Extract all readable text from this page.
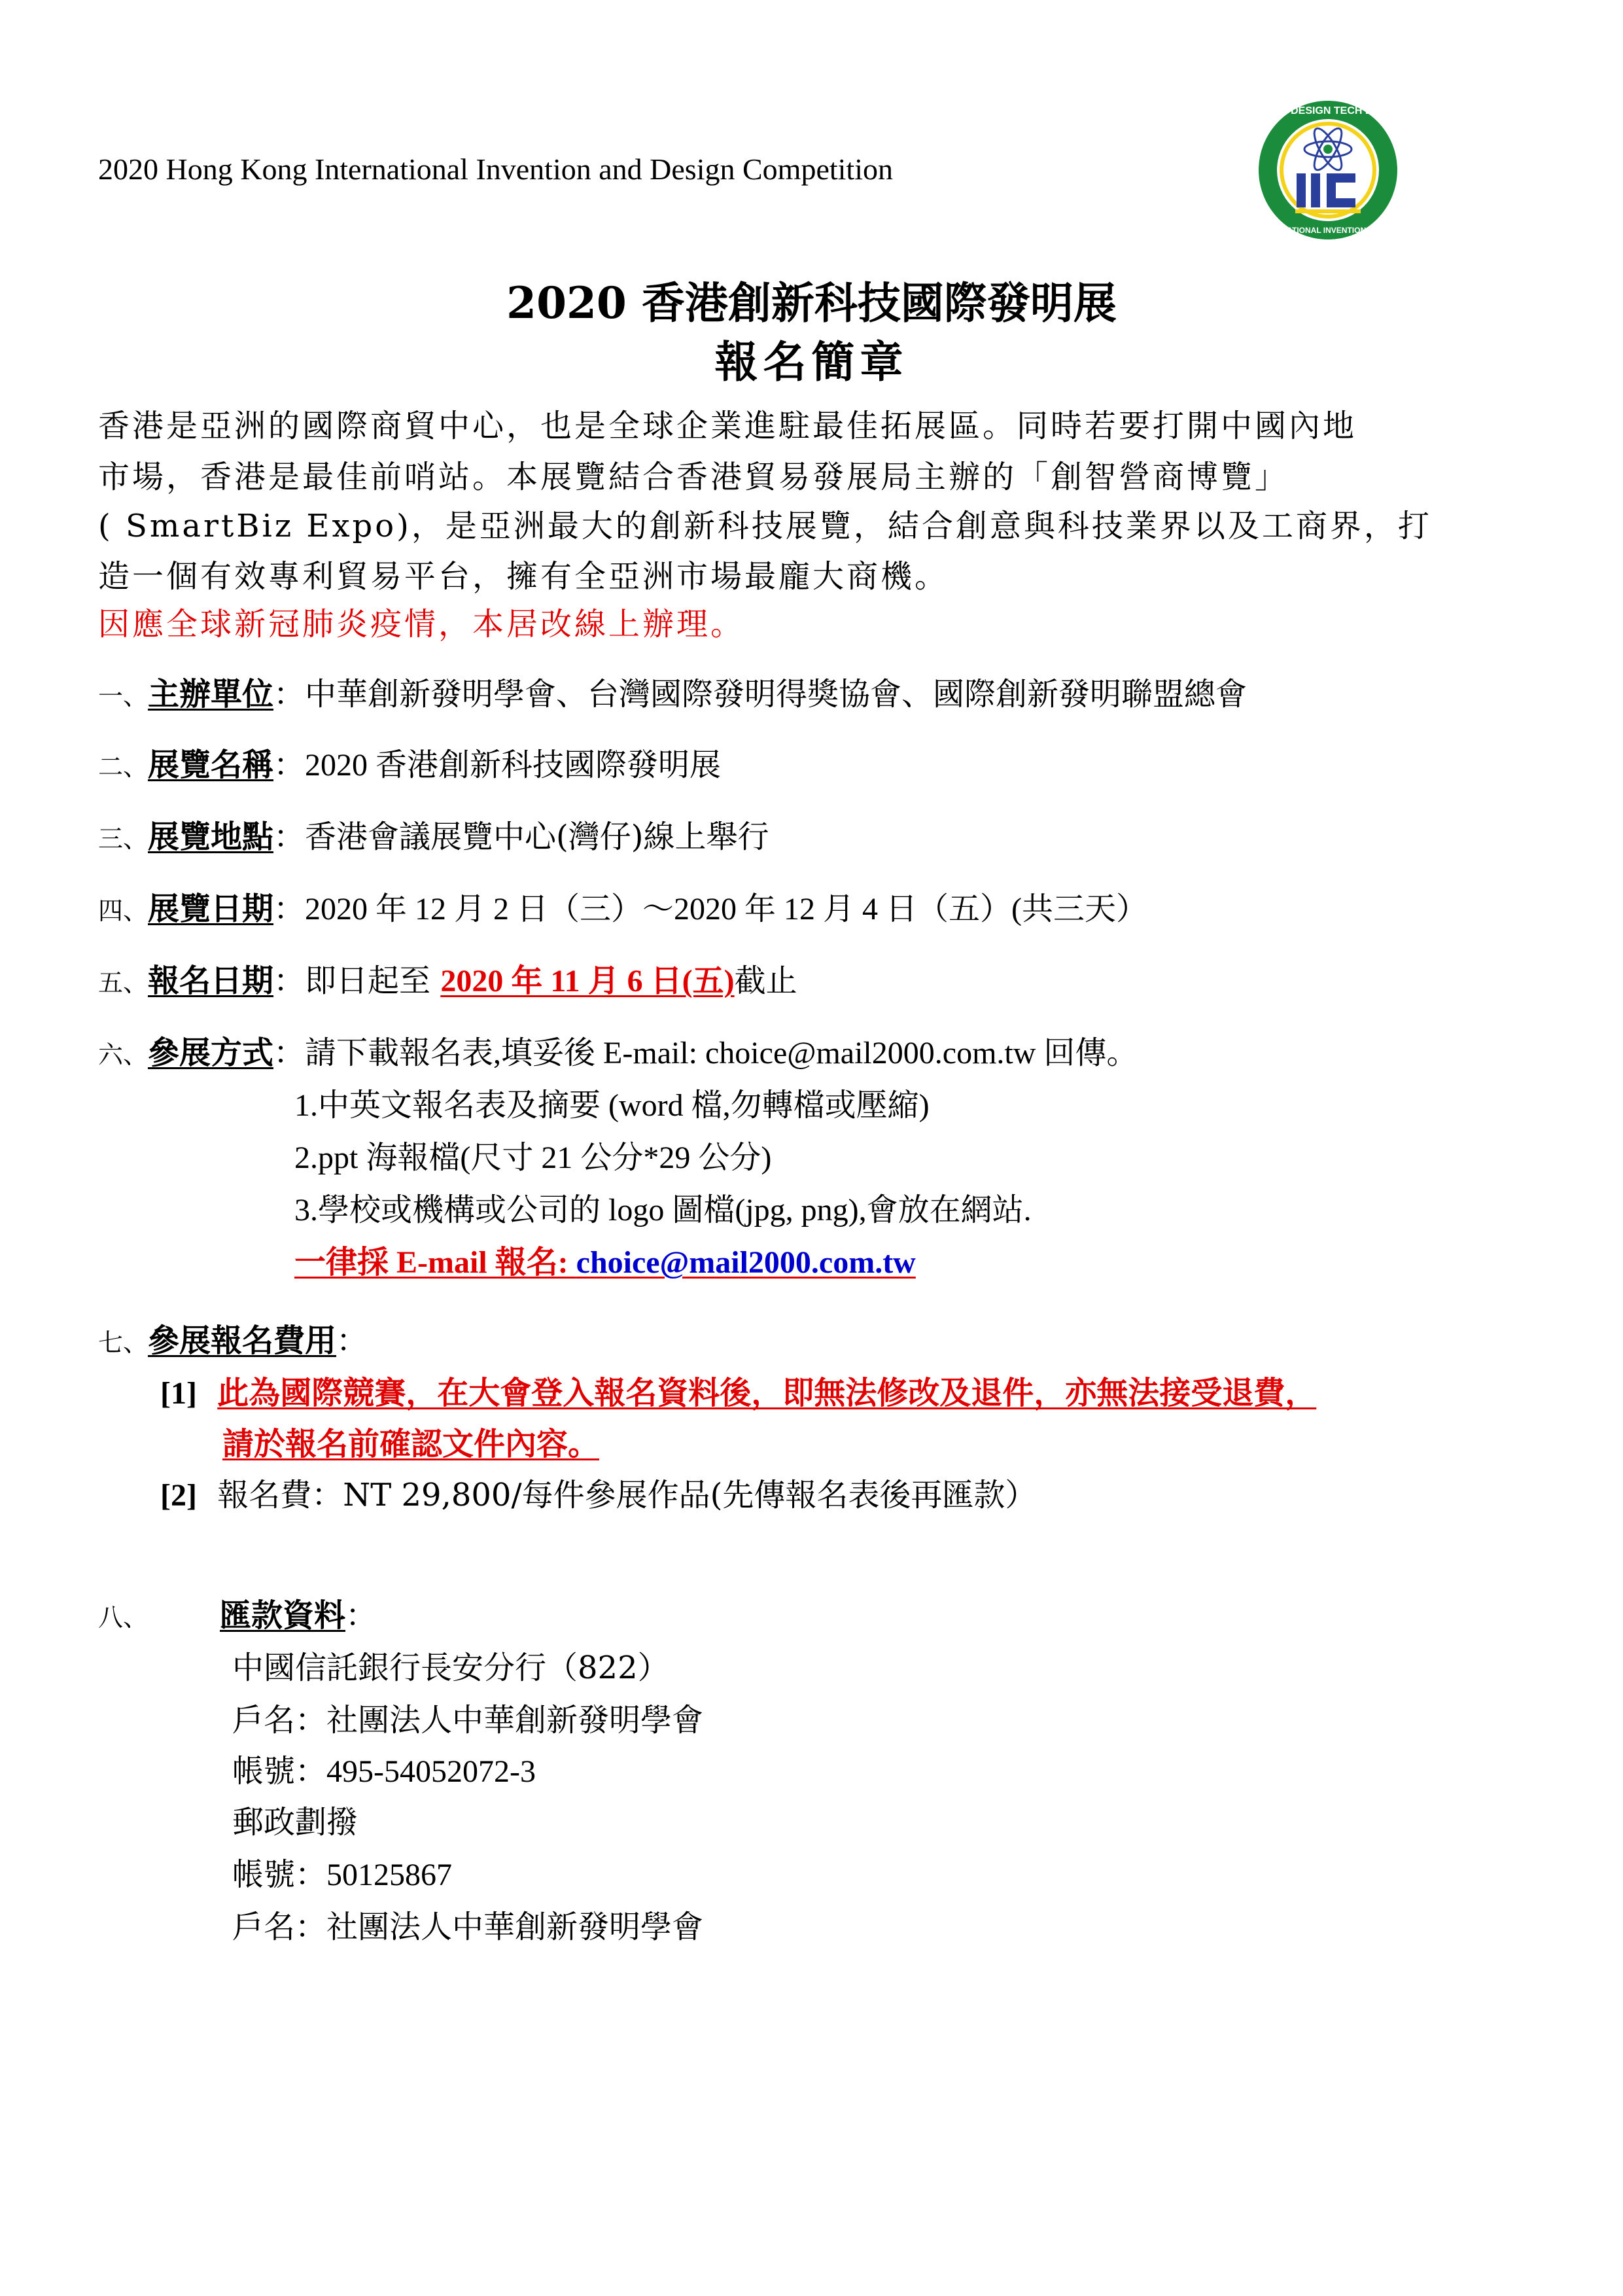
2020 Hong Kong International Invention and Design Competition
INNO DESIGN TECH EXPO
INTERNATIONAL INVENTION DESIGN
2020 香港創新科技國際發明展
報名簡章
香港是亞洲的國際商貿中心，也是全球企業進駐最佳拓展區。同時若要打開中國內地
市場，香港是最佳前哨站。本展覽結合香港貿易發展局主辦的「創智營商博覽」
( SmartBiz Expo)，是亞洲最大的創新科技展覽，結合創意與科技業界以及工商界，打
造一個有效專利貿易平台，擁有全亞洲市場最龐大商機。
因應全球新冠肺炎疫情，本居改線上辦理。
一、主辦單位：中華創新發明學會、台灣國際發明得獎協會、國際創新發明聯盟總會
二、展覽名稱：2020 香港創新科技國際發明展
三、展覽地點：香港會議展覽中心(灣仔)線上舉行
四、展覽日期：2020 年 12 月 2 日（三）～2020 年 12 月 4 日（五）(共三天）
五、報名日期：即日起至 2020 年 11 月 6 日(五)截止
六、參展方式：請下載報名表,填妥後 E-mail: choice@mail2000.com.tw 回傳。
1.中英文報名表及摘要 (word 檔,勿轉檔或壓縮)
2.ppt 海報檔(尺寸 21 公分*29 公分)
3.學校或機構或公司的 logo 圖檔(jpg, png),會放在網站.
一律採 E-mail 報名: choice@mail2000.com.tw
七、參展報名費用：
[1] 此為國際競賽，在大會登入報名資料後，即無法修改及退件，亦無法接受退費，
請於報名前確認文件內容。
[2] 報名費：NT 29,800/每件參展作品(先傳報名表後再匯款）
八、 匯款資料：
中國信託銀行長安分行（822）
戶名：社團法人中華創新發明學會
帳號：495-54052072-3
郵政劃撥
帳號：50125867
戶名：社團法人中華創新發明學會
